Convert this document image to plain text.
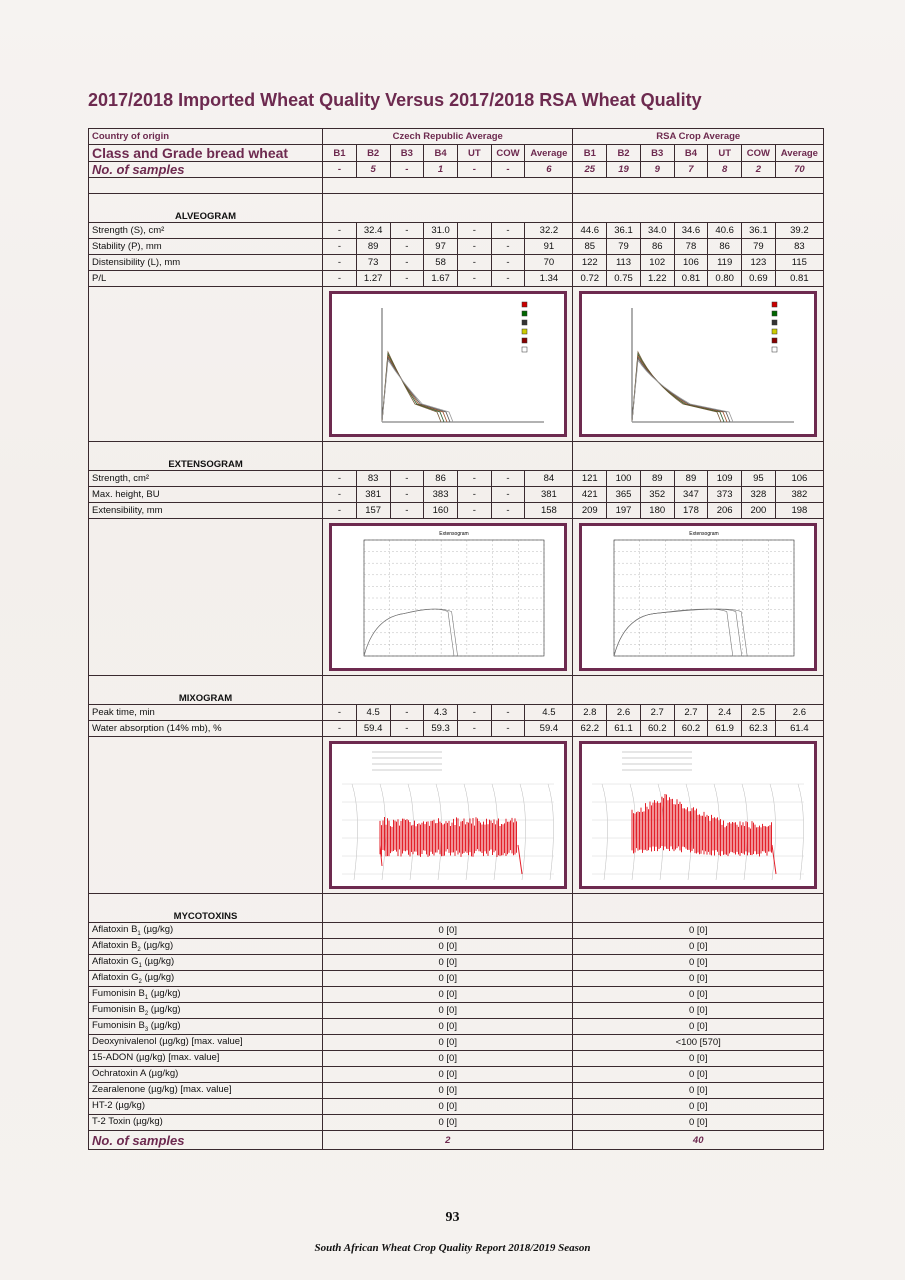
2017/2018 Imported Wheat Quality Versus 2017/2018 RSA Wheat Quality
Country of origin	Czech Republic Average							RSA Crop Average						
Class and Grade bread wheat	B1	B2	B3	B4	UT	COW	Average	B1	B2	B3	B4	UT	COW	Average
No. of samples	-	5	-	1	-	-	6	25	19	9	7	8	2	70

ALVEOGRAM														
Strength (S), cm²	-	32.4	-	31.0	-	-	32.2	44.6	36.1	34.0	34.6	40.6	36.1	39.2
Stability (P), mm	-	89	-	97	-	-	91	85	79	86	78	86	79	83
Distensibility (L), mm	-	73	-	58	-	-	70	122	113	102	106	119	123	115
P/L	-	1.27	-	1.67	-	-	1.34	0.72	0.75	1.22	0.81	0.80	0.69	0.81

EXTENSOGRAM														
Strength, cm²	-	83	-	86	-	-	84	121	100	89	89	109	95	106
Max. height, BU	-	381	-	383	-	-	381	421	365	352	347	373	328	382
Extensibility, mm	-	157	-	160	-	-	158	209	197	180	178	206	200	198

Extensogram							Extensogram						

MIXOGRAM														
Peak time, min	-	4.5	-	4.3	-	-	4.5	2.8	2.6	2.7	2.7	2.4	2.5	2.6
Water absorption (14% mb), %	-	59.4	-	59.3	-	-	59.4	62.2	61.1	60.2	60.2	61.9	62.3	61.4

MYCOTOXINS														
Aflatoxin $B_1$ (µg/kg)	0 [0]							0 [0]						
Aflatoxin $B_2$ (µg/kg)	0 [0]							0 [0]						
Aflatoxin $G_1$ (µg/kg)	0 [0]							0 [0]						
Aflatoxin $G_2$ (µg/kg)	0 [0]							0 [0]						
Fumonisin $B_1$ (µg/kg)	0 [0]							0 [0]						
Fumonisin $B_2$ (µg/kg)	0 [0]							0 [0]						
Fumonisin $B_3$ (µg/kg)	0 [0]							0 [0]						
Deoxynivalenol (µg/kg) [max. value]	0 [0]							<100 [570]						
15-ADON (µg/kg) [max. value]	0 [0]							0 [0]						
Ochratoxin A (µg/kg)	0 [0]							0 [0]						
Zearalenone (µg/kg) [max. value]	0 [0]							0 [0]						
HT-2 (µg/kg)	0 [0]							0 [0]						
T-2 Toxin (µg/kg)	0 [0]							0 [0]						
No. of samples	2							40						
93
South African Wheat Crop Quality Report 2018/2019 Season
